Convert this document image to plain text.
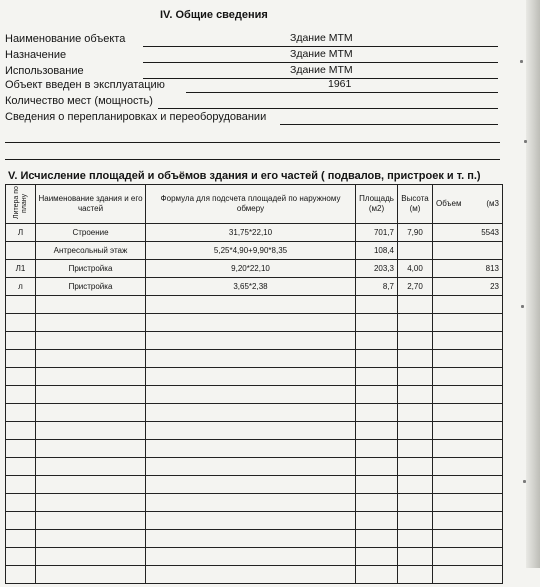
IV. Общие сведения
Наименование объекта	Здание МТМ
Назначение	Здание МТМ
Использование	Здание МТМ
Объект введен в эксплуатацию	1961
Количество мест (мощность)
Сведения о перепланировках и переоборудовании
V. Исчисление площадей и объёмов здания и его частей ( подвалов, пристроек и т. п.)
Литера по плану	Наименование здания и его частей	Формула для подсчета площадей по наружному обмеру	Площадь (м2)	Высота (м)	Объем (м3

Л	Строение	31,75*22,10	701,7	7,90	5543
	Антресольный этаж	5,25*4,90+9,90*8,35	108,4		
Л1	Пристройка	9,20*22,10	203,3	4,00	813
л	Пристройка	3,65*2,38	8,7	2,70	23
